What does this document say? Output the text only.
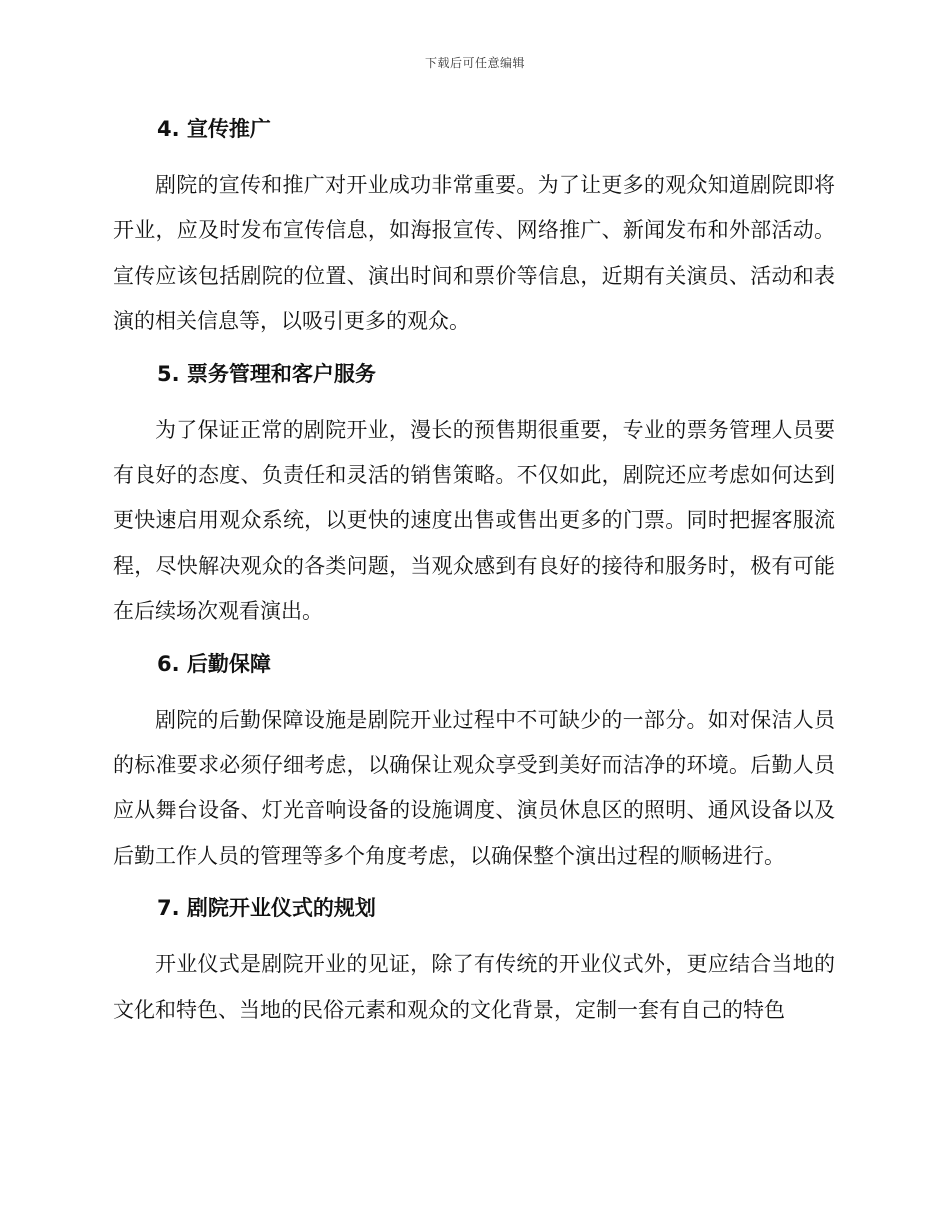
下载后可任意编辑
4. 宣传推广

剧院的宣传和推广对开业成功非常重要。为了让更多的观众知道剧院即将开业，应及时发布宣传信息，如海报宣传、网络推广、新闻发布和外部活动。宣传应该包括剧院的位置、演出时间和票价等信息，近期有关演员、活动和表演的相关信息等，以吸引更多的观众。

5. 票务管理和客户服务

为了保证正常的剧院开业，漫长的预售期很重要，专业的票务管理人员要有良好的态度、负责任和灵活的销售策略。不仅如此，剧院还应考虑如何达到更快速启用观众系统，以更快的速度出售或售出更多的门票。同时把握客服流程，尽快解决观众的各类问题，当观众感到有良好的接待和服务时，极有可能在后续场次观看演出。

6. 后勤保障

剧院的后勤保障设施是剧院开业过程中不可缺少的一部分。如对保洁人员的标准要求必须仔细考虑，以确保让观众享受到美好而洁净的环境。后勤人员应从舞台设备、灯光音响设备的设施调度、演员休息区的照明、通风设备以及后勤工作人员的管理等多个角度考虑，以确保整个演出过程的顺畅进行。

7. 剧院开业仪式的规划

开业仪式是剧院开业的见证，除了有传统的开业仪式外，更应结合当地的文化和特色、当地的民俗元素和观众的文化背景，定制一套有自己的特色
